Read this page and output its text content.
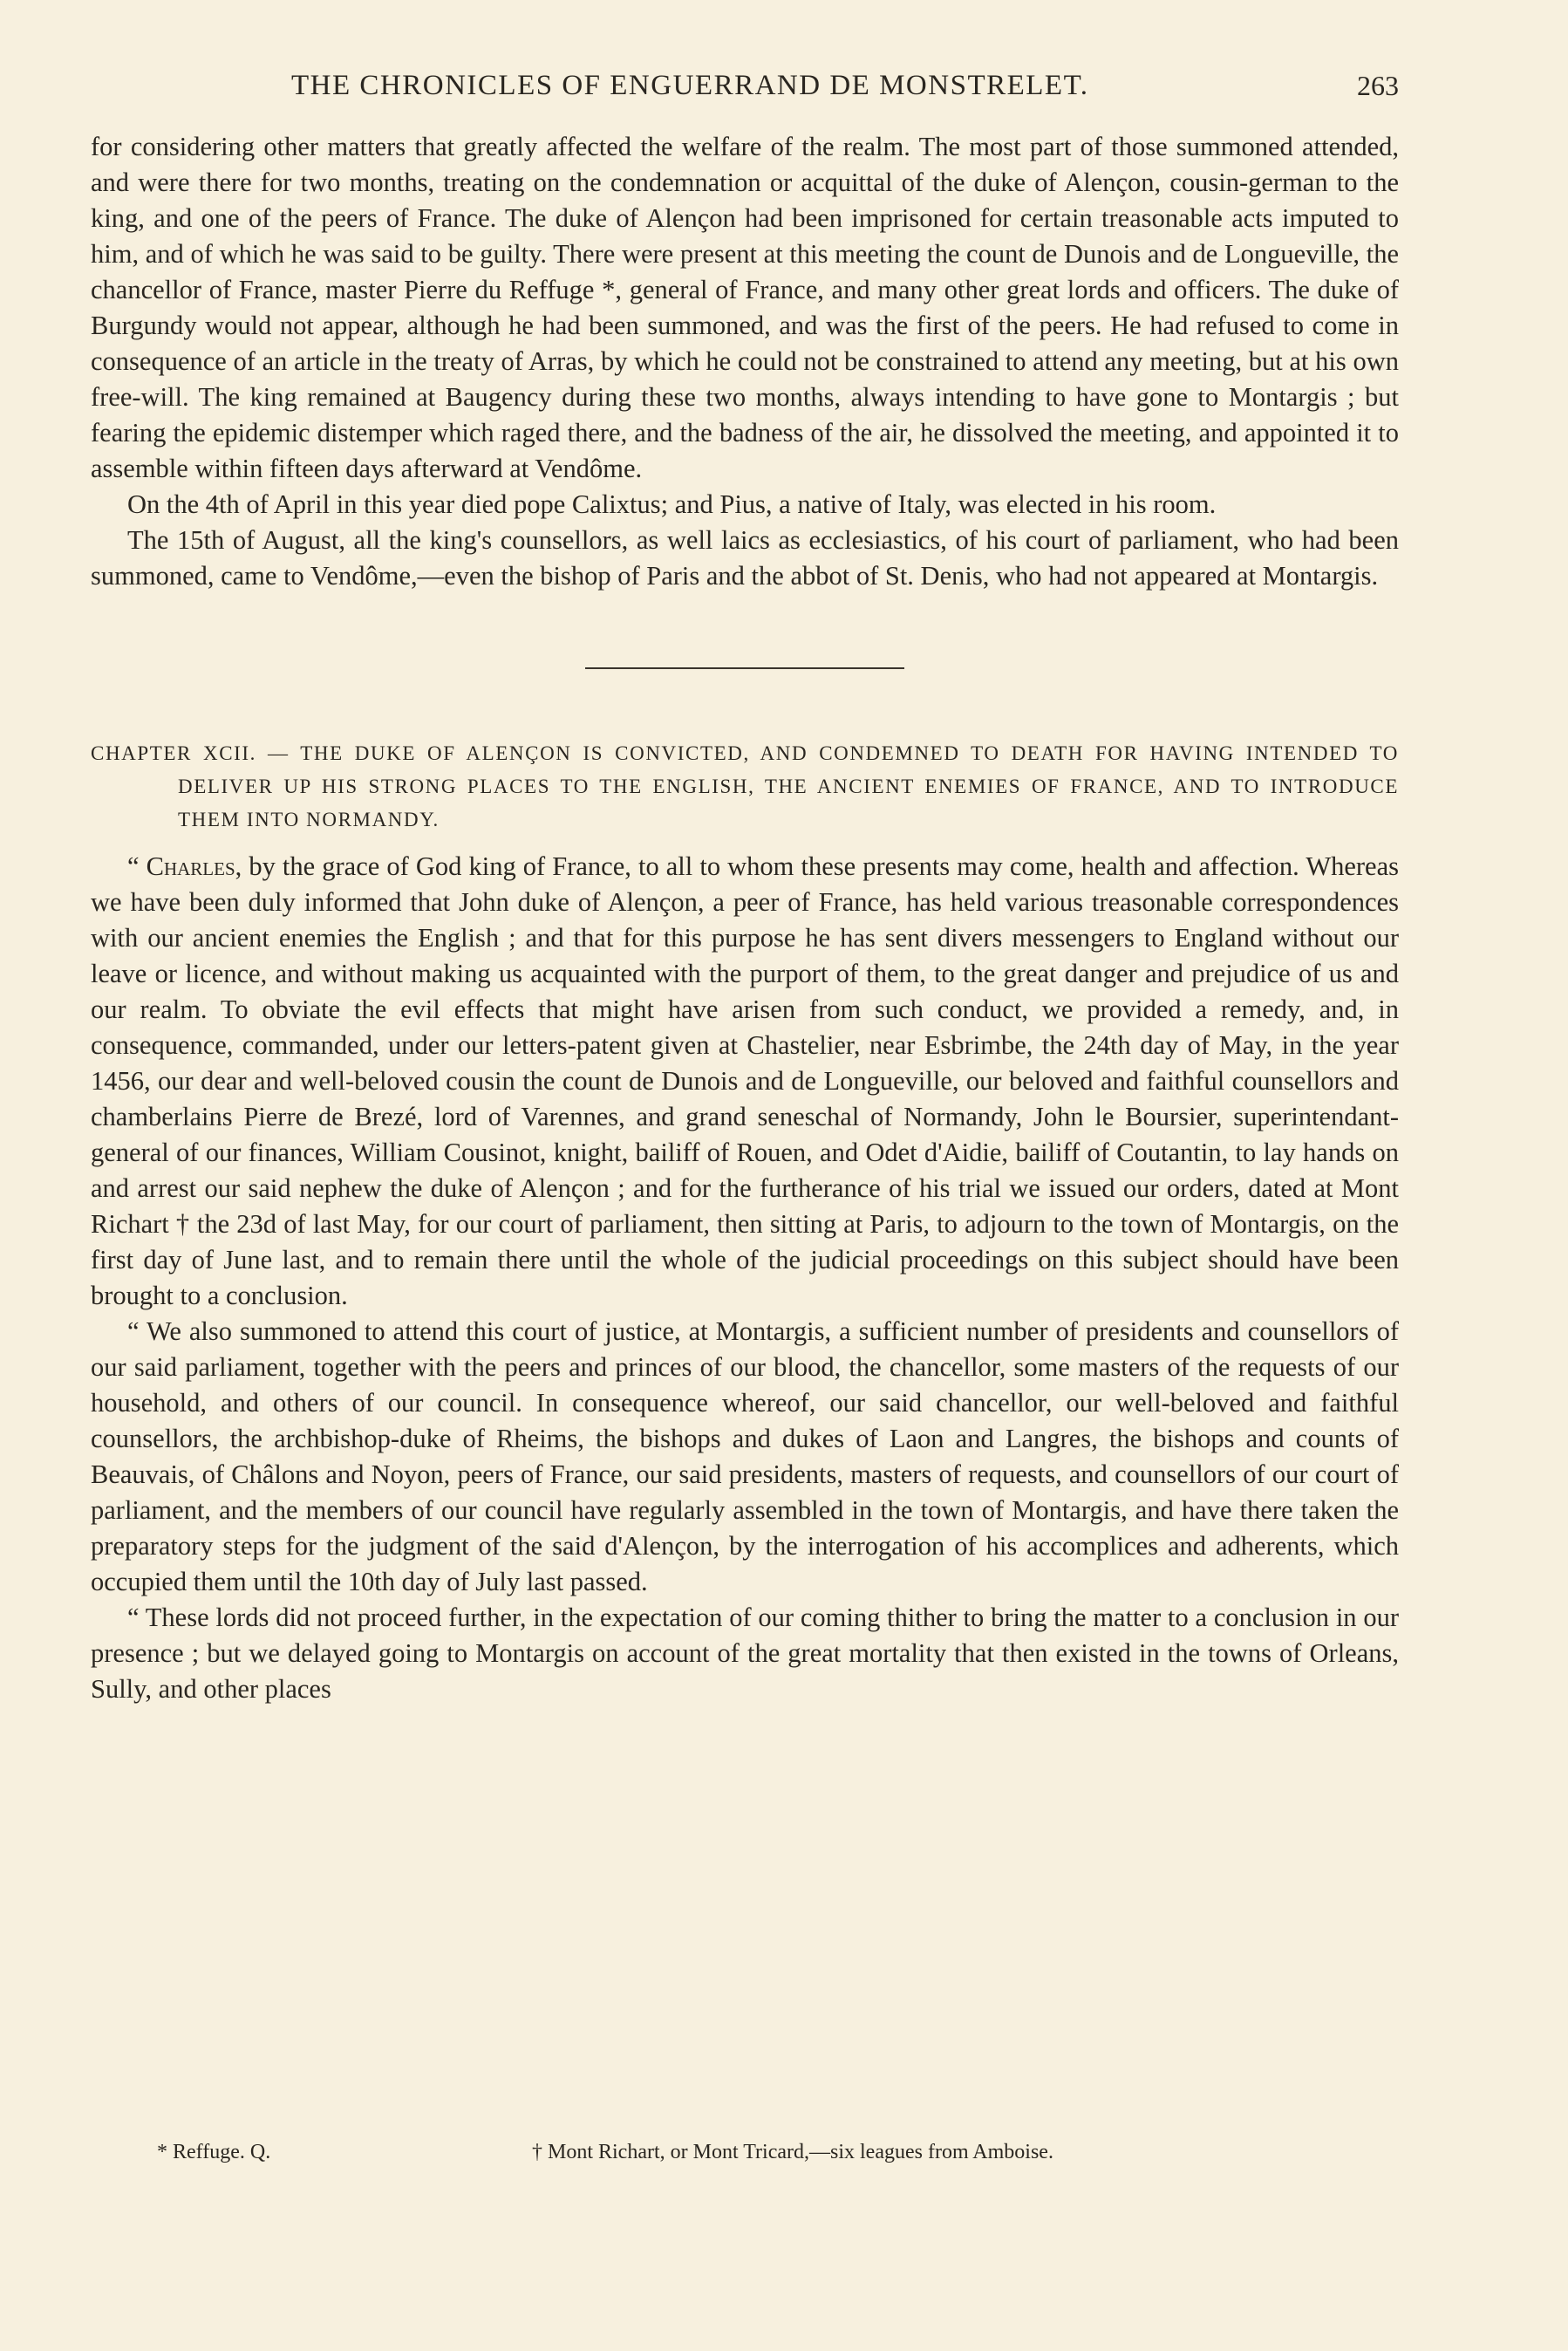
THE CHRONICLES OF ENGUERRAND DE MONSTRELET.	263

for considering other matters that greatly affected the welfare of the realm. The most part of those summoned attended, and were there for two months, treating on the condemnation or acquittal of the duke of Alençon, cousin-german to the king, and one of the peers of France. The duke of Alençon had been imprisoned for certain treasonable acts imputed to him, and of which he was said to be guilty. There were present at this meeting the count de Dunois and de Longueville, the chancellor of France, master Pierre du Reffuge *, general of France, and many other great lords and officers. The duke of Burgundy would not appear, although he had been summoned, and was the first of the peers. He had refused to come in consequence of an article in the treaty of Arras, by which he could not be constrained to attend any meeting, but at his own free-will. The king remained at Baugency during these two months, always intending to have gone to Montargis ; but fearing the epidemic distemper which raged there, and the badness of the air, he dissolved the meeting, and appointed it to assemble within fifteen days afterward at Vendôme.

On the 4th of April in this year died pope Calixtus; and Pius, a native of Italy, was elected in his room.

The 15th of August, all the king's counsellors, as well laics as ecclesiastics, of his court of parliament, who had been summoned, came to Vendôme,—even the bishop of Paris and the abbot of St. Denis, who had not appeared at Montargis.

CHAPTER XCII. — THE DUKE OF ALENÇON IS CONVICTED, AND CONDEMNED TO DEATH FOR HAVING INTENDED TO DELIVER UP HIS STRONG PLACES TO THE ENGLISH, THE ANCIENT ENEMIES OF FRANCE, AND TO INTRODUCE THEM INTO NORMANDY.

“ Charles, by the grace of God king of France, to all to whom these presents may come, health and affection. Whereas we have been duly informed that John duke of Alençon, a peer of France, has held various treasonable correspondences with our ancient enemies the English ; and that for this purpose he has sent divers messengers to England without our leave or licence, and without making us acquainted with the purport of them, to the great danger and prejudice of us and our realm. To obviate the evil effects that might have arisen from such conduct, we provided a remedy, and, in consequence, commanded, under our letters-patent given at Chastelier, near Esbrimbe, the 24th day of May, in the year 1456, our dear and well-beloved cousin the count de Dunois and de Longueville, our beloved and faithful counsellors and chamberlains Pierre de Brezé, lord of Varennes, and grand seneschal of Normandy, John le Boursier, superintendant-general of our finances, William Cousinot, knight, bailiff of Rouen, and Odet d'Aidie, bailiff of Coutantin, to lay hands on and arrest our said nephew the duke of Alençon ; and for the furtherance of his trial we issued our orders, dated at Mont Richart † the 23d of last May, for our court of parliament, then sitting at Paris, to adjourn to the town of Montargis, on the first day of June last, and to remain there until the whole of the judicial proceedings on this subject should have been brought to a conclusion.

“ We also summoned to attend this court of justice, at Montargis, a sufficient number of presidents and counsellors of our said parliament, together with the peers and princes of our blood, the chancellor, some masters of the requests of our household, and others of our council. In consequence whereof, our said chancellor, our well-beloved and faithful counsellors, the archbishop-duke of Rheims, the bishops and dukes of Laon and Langres, the bishops and counts of Beauvais, of Châlons and Noyon, peers of France, our said presidents, masters of requests, and counsellors of our court of parliament, and the members of our council have regularly assembled in the town of Montargis, and have there taken the preparatory steps for the judgment of the said d'Alençon, by the interrogation of his accomplices and adherents, which occupied them until the 10th day of July last passed.

“ These lords did not proceed further, in the expectation of our coming thither to bring the matter to a conclusion in our presence ; but we delayed going to Montargis on account of the great mortality that then existed in the towns of Orleans, Sully, and other places

* Reffuge. Q.	† Mont Richart, or Mont Tricard,—six leagues from Amboise.
